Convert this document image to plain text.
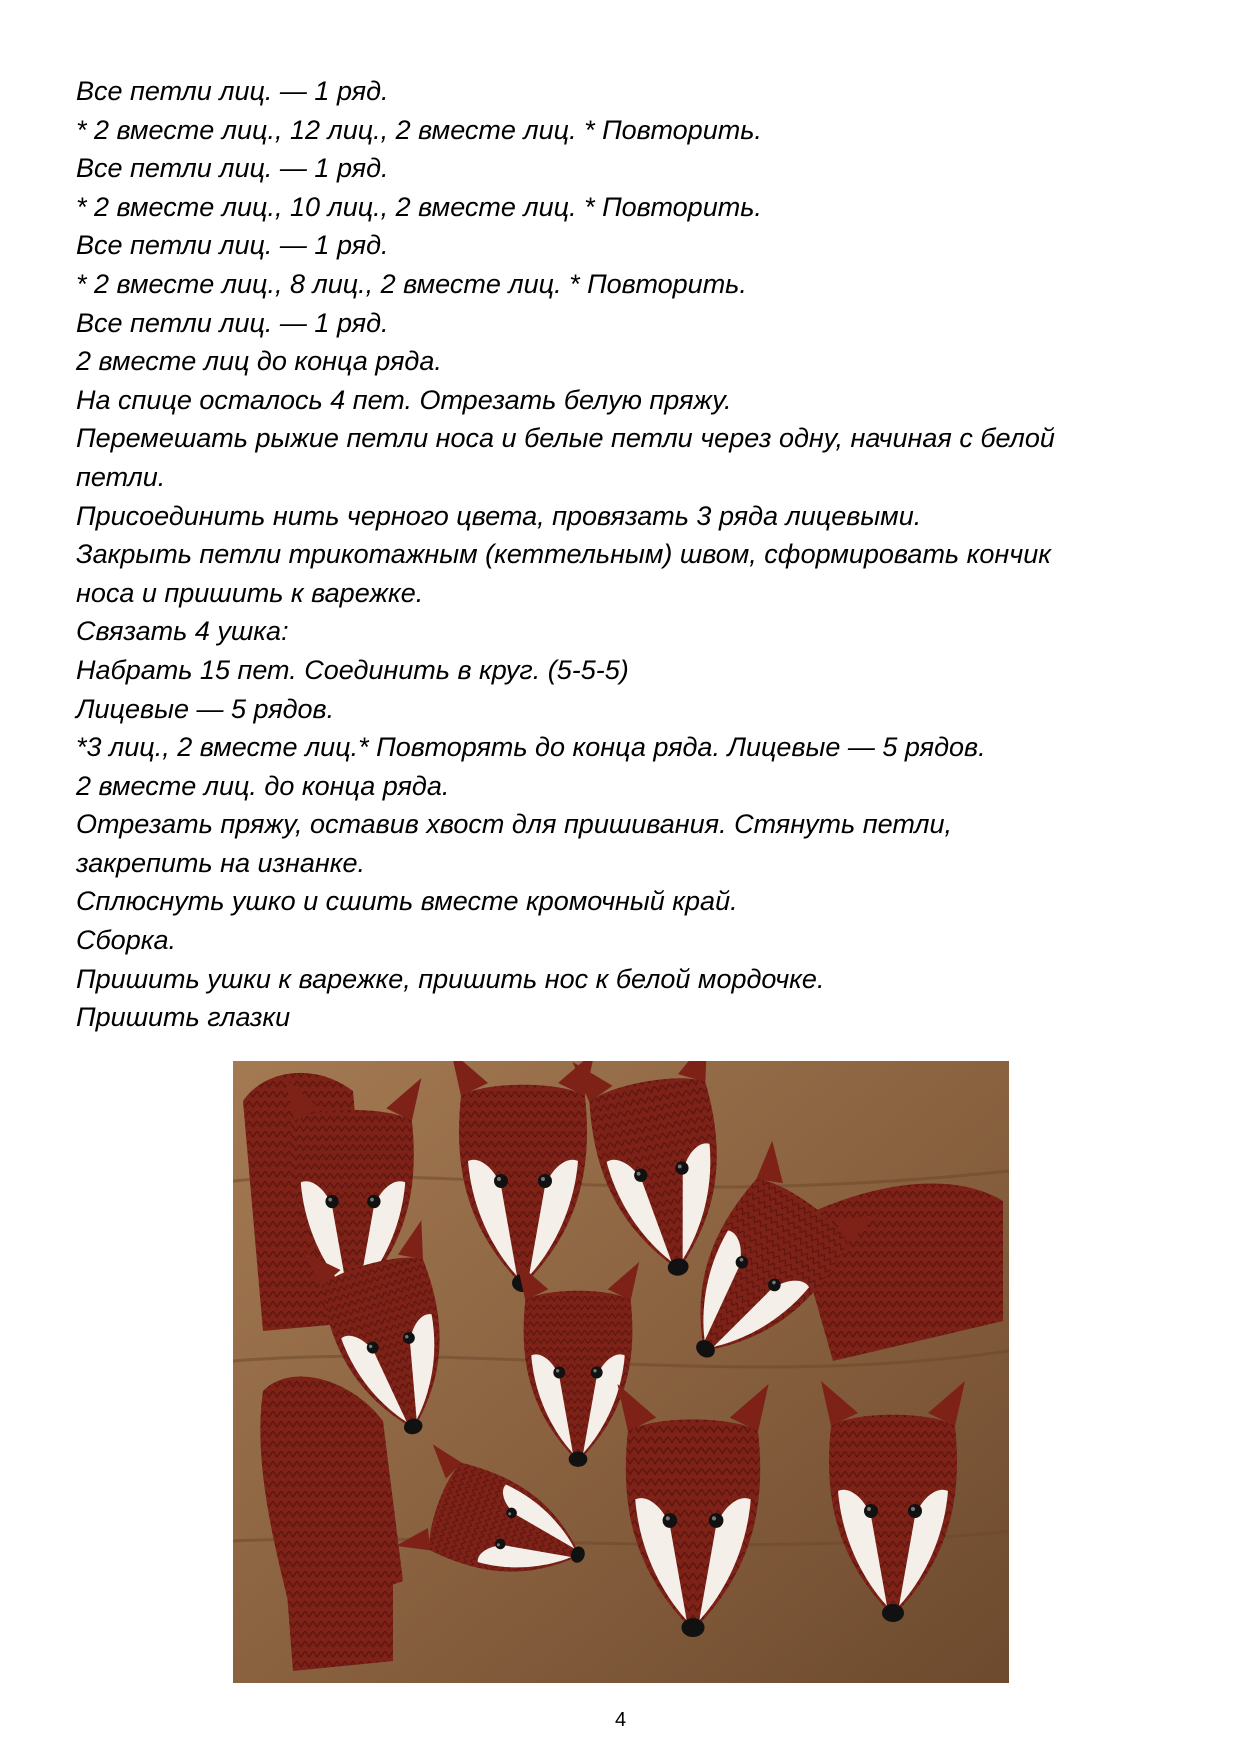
Все петли лиц. — 1 ряд.
* 2 вместе лиц., 12 лиц., 2 вместе лиц. * Повторить.
Все петли лиц. — 1 ряд.
* 2 вместе лиц., 10 лиц., 2 вместе лиц. * Повторить.
Все петли лиц. — 1 ряд.
* 2 вместе лиц., 8 лиц., 2 вместе лиц. * Повторить.
Все петли лиц. — 1 ряд.
2 вместе лиц до конца ряда.
На спице осталось 4 пет. Отрезать белую пряжу.
Перемешать рыжие петли носа и белые петли через одну, начиная с белой
петли.
Присоединить нить черного цвета, провязать 3 ряда лицевыми.
Закрыть петли трикотажным (кеттельным) швом, сформировать кончик
носа и пришить к варежке.
Связать 4 ушка:
Набрать 15 пет. Соединить в круг. (5-5-5)
Лицевые — 5 рядов.
*3 лиц., 2 вместе лиц.* Повторять до конца ряда. Лицевые — 5 рядов.
2 вместе лиц. до конца ряда.
Отрезать пряжу, оставив хвост для пришивания. Стянуть петли,
закрепить на изнанке.
Сплюснуть ушко и сшить вместе кромочный край.
Сборка.
Пришить ушки к варежке, пришить нос к белой мордочке.
Пришить глазки
4
